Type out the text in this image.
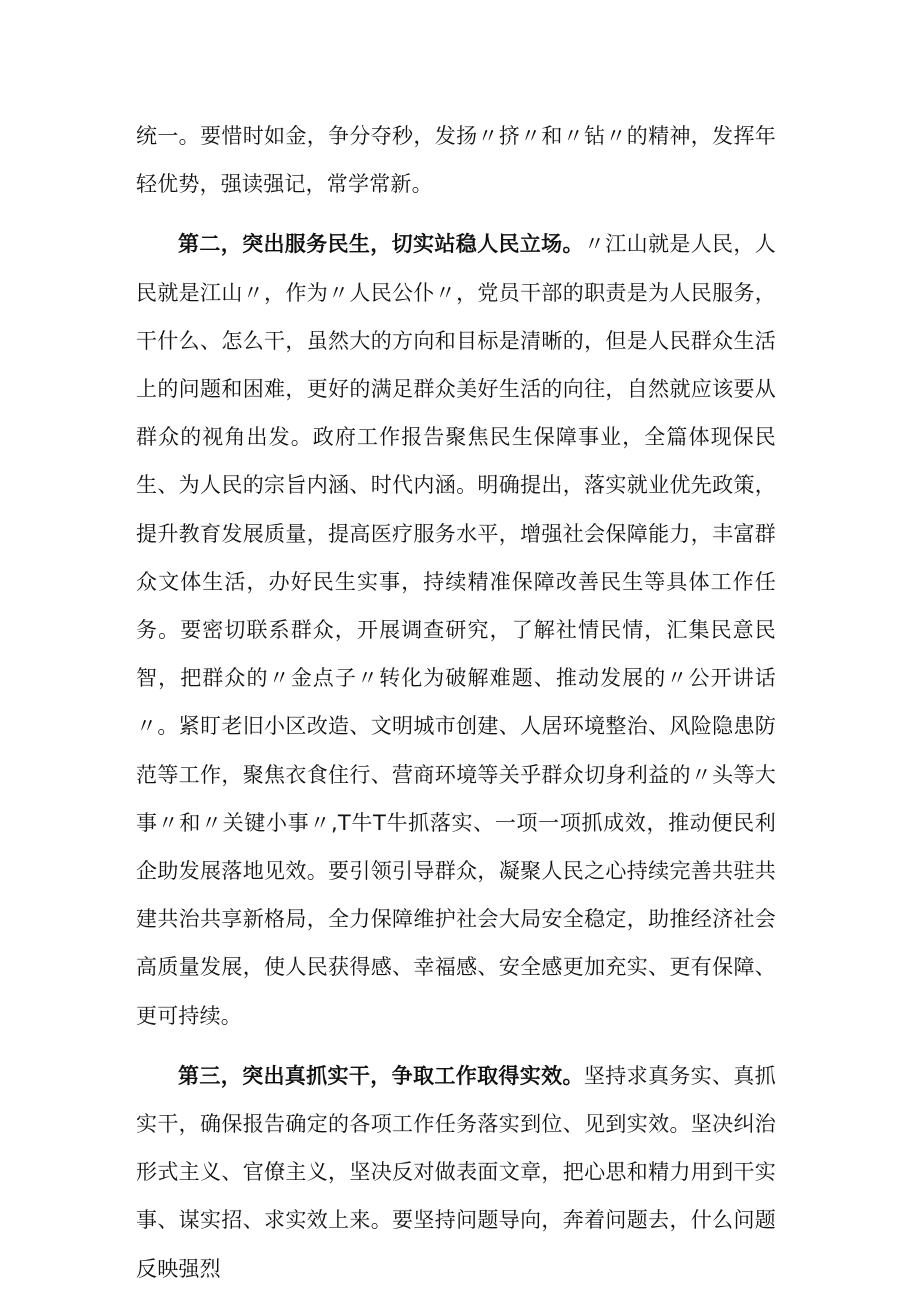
统一。要惜时如金，争分夺秒，发扬〃挤〃和〃钻〃的精神，发挥年轻优势，强读强记，常学常新。

第二，突出服务民生，切实站稳人民立场。〃江山就是人民，人民就是江山〃，作为〃人民公仆〃，党员干部的职责是为人民服务，干什么、怎么干，虽然大的方向和目标是清晰的，但是人民群众生活上的问题和困难，更好的满足群众美好生活的向往，自然就应该要从群众的视角出发。政府工作报告聚焦民生保障事业，全篇体现保民生、为人民的宗旨内涵、时代内涵。明确提出，落实就业优先政策，提升教育发展质量，提高医疗服务水平，增强社会保障能力，丰富群众文体生活，办好民生实事，持续精准保障改善民生等具体工作任务。要密切联系群众，开展调查研究，了解社情民情，汇集民意民智，把群众的〃金点子〃转化为破解难题、推动发展的〃公开讲话〃。紧盯老旧小区改造、文明城市创建、人居环境整治、风险隐患防范等工作，聚焦衣食住行、营商环境等关乎群众切身利益的〃头等大事〃和〃关键小事〃,T牛T牛抓落实、一项一项抓成效，推动便民利企助发展落地见效。要引领引导群众，凝聚人民之心持续完善共驻共建共治共享新格局，全力保障维护社会大局安全稳定，助推经济社会高质量发展，使人民获得感、幸福感、安全感更加充实、更有保障、更可持续。

第三，突出真抓实干，争取工作取得实效。坚持求真务实、真抓实干，确保报告确定的各项工作任务落实到位、见到实效。坚决纠治形式主义、官僚主义，坚决反对做表面文章，把心思和精力用到干实事、谋实招、求实效上来。要坚持问题导向，奔着问题去，什么问题反映强烈
